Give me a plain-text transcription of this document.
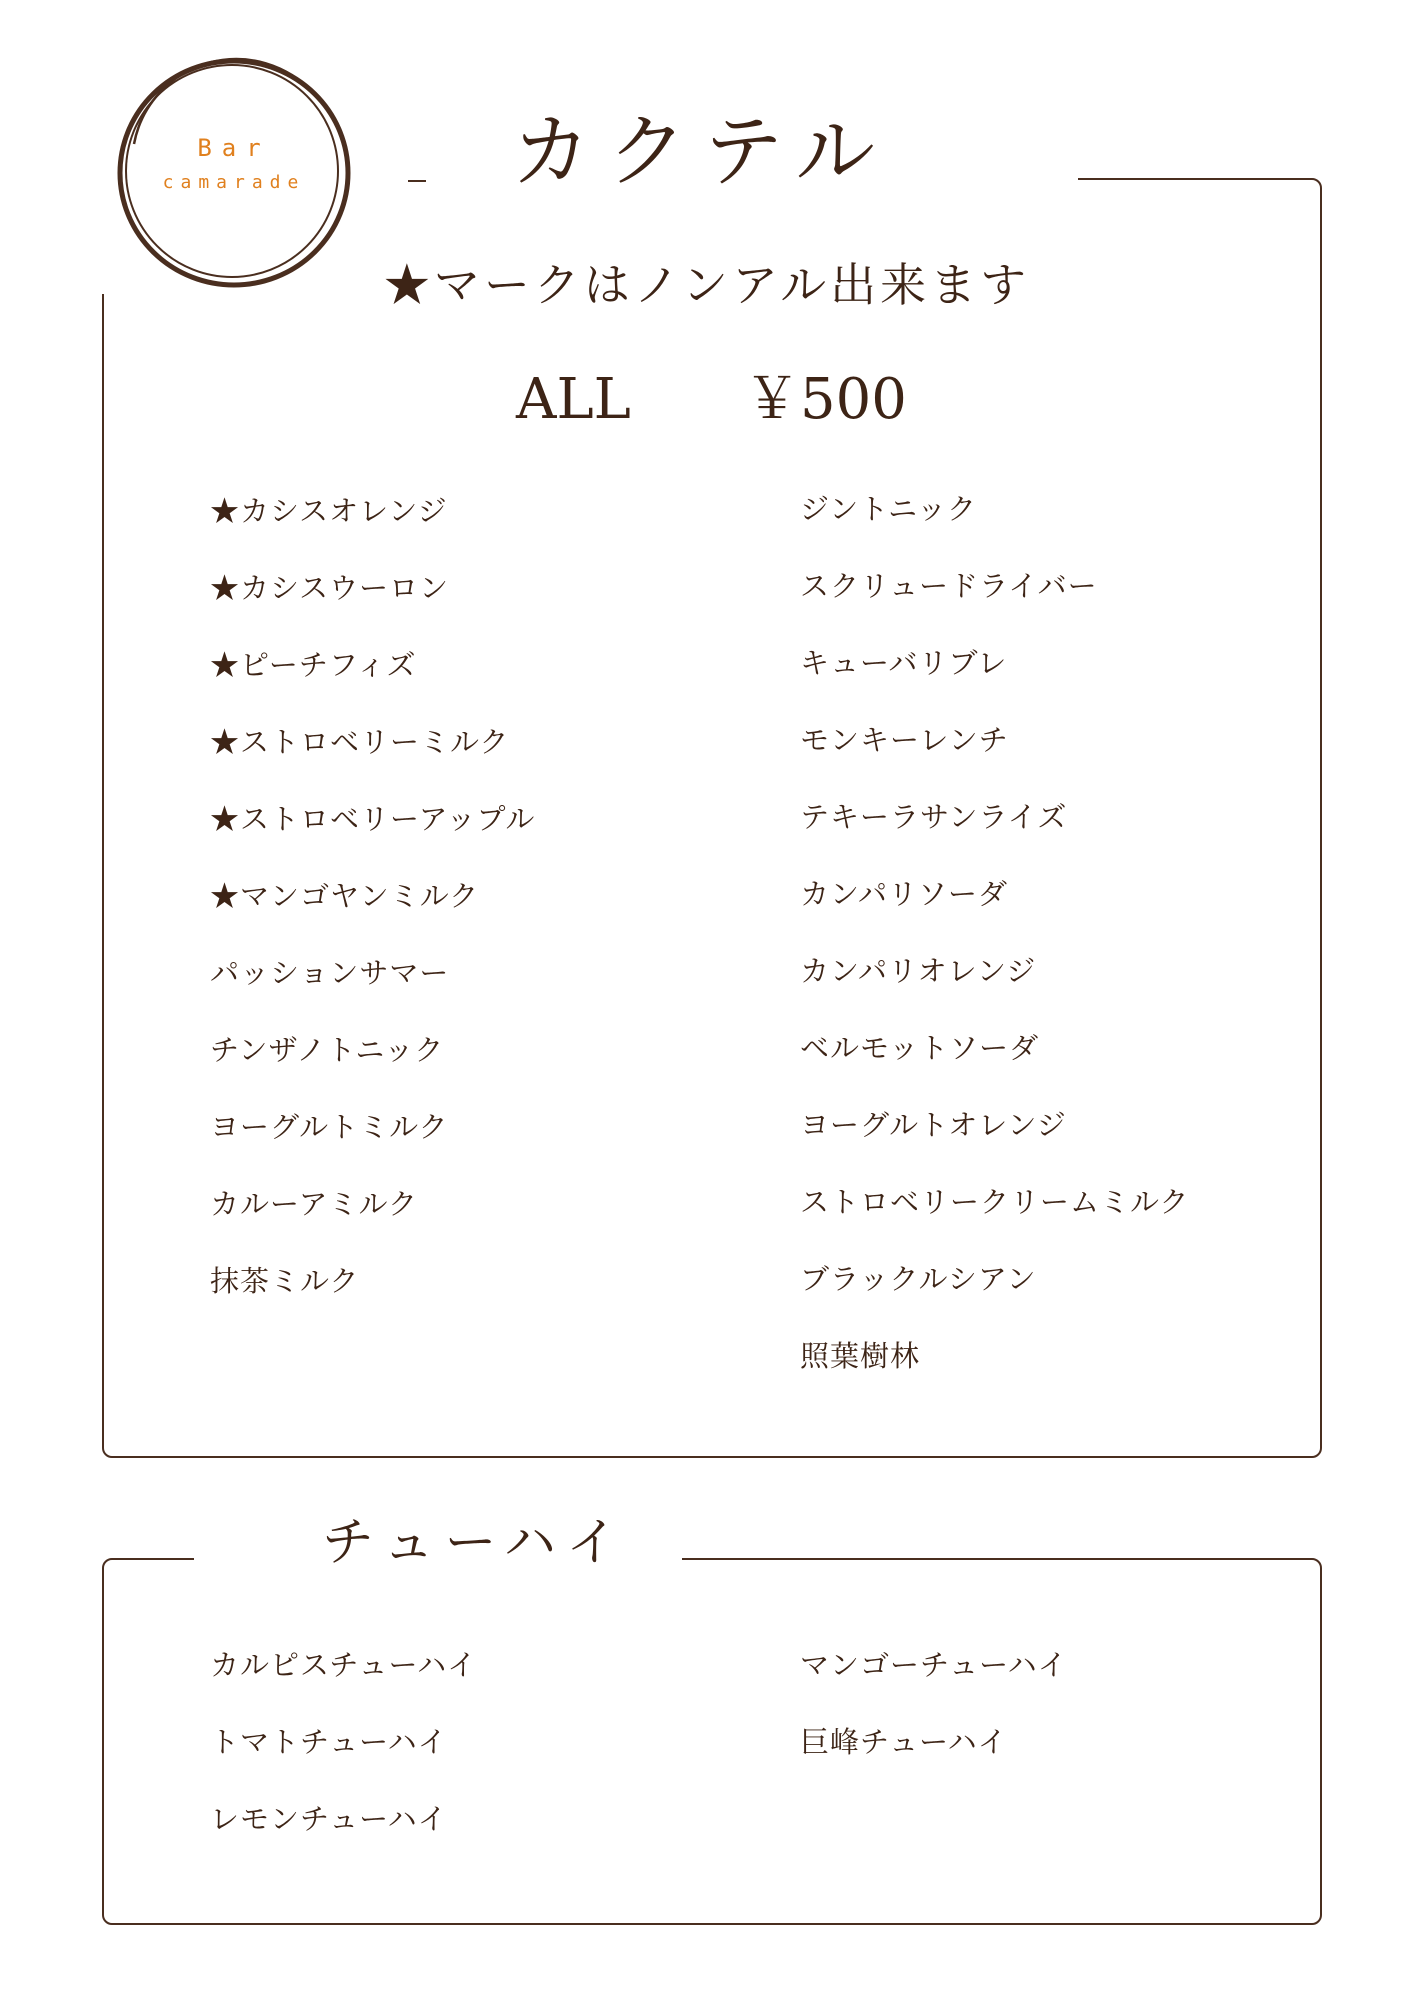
Bar
camarade	カクテル
★マークはノンアル出来ます
ALL ￥500
★カシスオレンジ
★カシスウーロン
★ピーチフィズ
★ストロベリーミルク
★ストロベリーアップル
★マンゴヤンミルク
パッションサマー
チンザノトニック
ヨーグルトミルク
カルーアミルク
抹茶ミルク
ジントニック
スクリュードライバー
キューバリブレ
モンキーレンチ
テキーラサンライズ
カンパリソーダ
カンパリオレンジ
ベルモットソーダ
ヨーグルトオレンジ
ストロベリークリームミルク
ブラックルシアン
照葉樹林
チューハイ
カルピスチューハイ
トマトチューハイ
レモンチューハイ
マンゴーチューハイ
巨峰チューハイ
